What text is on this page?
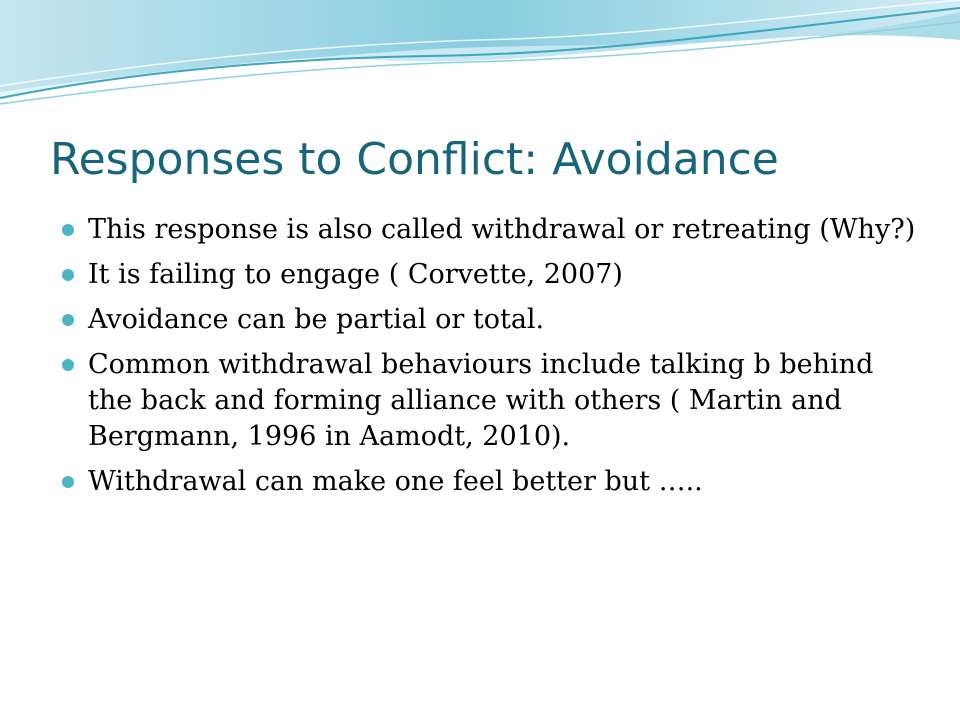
Responses to Conflict: Avoidance
This response is also called withdrawal or retreating (Why?)
It is failing to engage ( Corvette, 2007)
Avoidance can be partial or total.
Common withdrawal behaviours include talking b behind the back and forming alliance with others ( Martin and Bergmann, 1996 in Aamodt, 2010).
Withdrawal can make one feel better but …..
